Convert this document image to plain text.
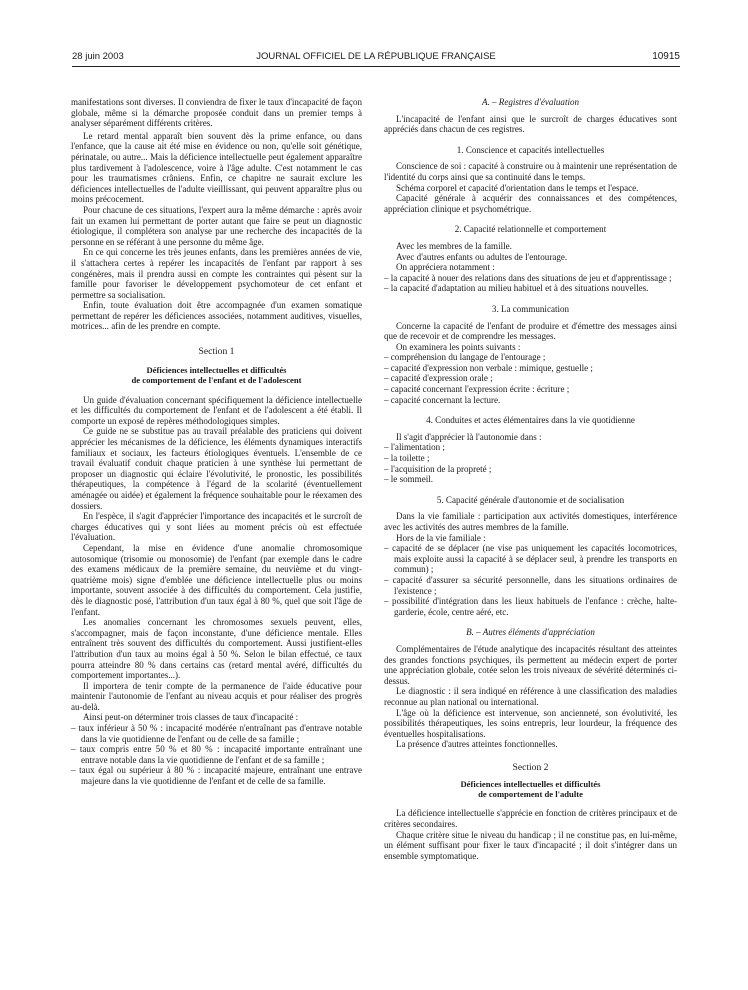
28 juin 2003	JOURNAL OFFICIEL DE LA RÉPUBLIQUE FRANÇAISE	10915

manifestations sont diverses. Il conviendra de fixer le taux d'incapacité de façon globale, même si la démarche proposée conduit dans un premier temps à analyser séparément différents critères.

Le retard mental apparaît bien souvent dès la prime enfance, ou dans l'enfance, que la cause ait été mise en évidence ou non, qu'elle soit génétique, périnatale, ou autre... Mais la déficience intellectuelle peut également apparaître plus tardivement à l'adolescence, voire à l'âge adulte. C'est notamment le cas pour les traumatismes crâniens. Enfin, ce chapitre ne saurait exclure les déficiences intellectuelles de l'adulte vieillissant, qui peuvent apparaître plus ou moins précocement.

Pour chacune de ces situations, l'expert aura la même démarche : après avoir fait un examen lui permettant de porter autant que faire se peut un diagnostic étiologique, il complétera son analyse par une recherche des incapacités de la personne en se référant à une personne du même âge.

En ce qui concerne les très jeunes enfants, dans les premières années de vie, il s'attachera certes à repérer les incapacités de l'enfant par rapport à ses congénères, mais il prendra aussi en compte les contraintes qui pèsent sur la famille pour favoriser le développement psychomoteur de cet enfant et permettre sa socialisation.

Enfin, toute évaluation doit être accompagnée d'un examen somatique permettant de repérer les déficiences associées, notamment auditives, visuelles, motrices... afin de les prendre en compte.

Section 1
Déficiences intellectuelles et difficultés
de comportement de l'enfant et de l'adolescent

Un guide d'évaluation concernant spécifiquement la déficience intellectuelle et les difficultés du comportement de l'enfant et de l'adolescent a été établi. Il comporte un exposé de repères méthodologiques simples.

Ce guide ne se substitue pas au travail préalable des praticiens qui doivent apprécier les mécanismes de la déficience, les éléments dynamiques interactifs familiaux et sociaux, les facteurs étiologiques éventuels. L'ensemble de ce travail évaluatif conduit chaque praticien à une synthèse lui permettant de proposer un diagnostic qui éclaire l'évolutivité, le pronostic, les possibilités thérapeutiques, la compétence à l'égard de la scolarité (éventuellement aménagée ou aidée) et également la fréquence souhaitable pour le réexamen des dossiers.

En l'espèce, il s'agit d'apprécier l'importance des incapacités et le surcroît de charges éducatives qui y sont liées au moment précis où est effectuée l'évaluation.

Cependant, la mise en évidence d'une anomalie chromosomique autosomique (trisomie ou monosomie) de l'enfant (par exemple dans le cadre des examens médicaux de la première semaine, du neuvième et du vingt-quatrième mois) signe d'emblée une déficience intellectuelle plus ou moins importante, souvent associée à des difficultés du comportement. Cela justifie, dès le diagnostic posé, l'attribution d'un taux égal à 80 %, quel que soit l'âge de l'enfant.

Les anomalies concernant les chromosomes sexuels peuvent, elles, s'accompagner, mais de façon inconstante, d'une déficience mentale. Elles entraînent très souvent des difficultés du comportement. Aussi justifient-elles l'attribution d'un taux au moins égal à 50 %. Selon le bilan effectué, ce taux pourra atteindre 80 % dans certains cas (retard mental avéré, difficultés du comportement importantes...).

Il importera de tenir compte de la permanence de l'aide éducative pour maintenir l'autonomie de l'enfant au niveau acquis et pour réaliser des progrès au-delà.

Ainsi peut-on déterminer trois classes de taux d'incapacité :

– taux inférieur à 50 % : incapacité modérée n'entraînant pas d'entrave notable dans la vie quotidienne de l'enfant ou de celle de sa famille ;
– taux compris entre 50 % et 80 % : incapacité importante entraînant une entrave notable dans la vie quotidienne de l'enfant et de sa famille ;
– taux égal ou supérieur à 80 % : incapacité majeure, entraînant une entrave majeure dans la vie quotidienne de l'enfant et de celle de sa famille.
A. – Registres d'évaluation

L'incapacité de l'enfant ainsi que le surcroît de charges éducatives sont appréciés dans chacun de ces registres.

1. Conscience et capacités intellectuelles

Conscience de soi : capacité à construire ou à maintenir une représentation de l'identité du corps ainsi que sa continuité dans le temps.

Schéma corporel et capacité d'orientation dans le temps et l'espace.

Capacité générale à acquérir des connaissances et des compétences, appréciation clinique et psychométrique.

2. Capacité relationnelle et comportement

Avec les membres de la famille.

Avec d'autres enfants ou adultes de l'entourage.

On appréciera notamment :

– la capacité à nouer des relations dans des situations de jeu et d'apprentissage ;
– la capacité d'adaptation au milieu habituel et à des situations nouvelles.
3. La communication

Concerne la capacité de l'enfant de produire et d'émettre des messages ainsi que de recevoir et de comprendre les messages.

On examinera les points suivants :

– compréhension du langage de l'entourage ;
– capacité d'expression non verbale : mimique, gestuelle ;
– capacité d'expression orale ;
– capacité concernant l'expression écrite : écriture ;
– capacité concernant la lecture.
4. Conduites et actes élémentaires dans la vie quotidienne

Il s'agit d'apprécier là l'autonomie dans :

– l'alimentation ;
– la toilette ;
– l'acquisition de la propreté ;
– le sommeil.
5. Capacité générale d'autonomie et de socialisation

Dans la vie familiale : participation aux activités domestiques, interférence avec les activités des autres membres de la famille.

Hors de la vie familiale :

– capacité de se déplacer (ne vise pas uniquement les capacités locomotrices, mais exploite aussi la capacité à se déplacer seul, à prendre les transports en commun) ;
– capacité d'assurer sa sécurité personnelle, dans les situations ordinaires de l'existence ;
– possibilité d'intégration dans les lieux habituels de l'enfance : crèche, halte-garderie, école, centre aéré, etc.
B. – Autres éléments d'appréciation

Complémentaires de l'étude analytique des incapacités résultant des atteintes des grandes fonctions psychiques, ils permettent au médecin expert de porter une appréciation globale, cotée selon les trois niveaux de sévérité déterminés ci-dessus.

Le diagnostic : il sera indiqué en référence à une classification des maladies reconnue au plan national ou international.

L'âge où la déficience est intervenue, son ancienneté, son évolutivité, les possibilités thérapeutiques, les soins entrepris, leur lourdeur, la fréquence des éventuelles hospitalisations.

La présence d'autres atteintes fonctionnelles.

Section 2
Déficiences intellectuelles et difficultés
de comportement de l'adulte

La déficience intellectuelle s'apprécie en fonction de critères principaux et de critères secondaires.

Chaque critère situe le niveau du handicap ; il ne constitue pas, en lui-même, un élément suffisant pour fixer le taux d'incapacité ; il doit s'intégrer dans un ensemble symptomatique.
